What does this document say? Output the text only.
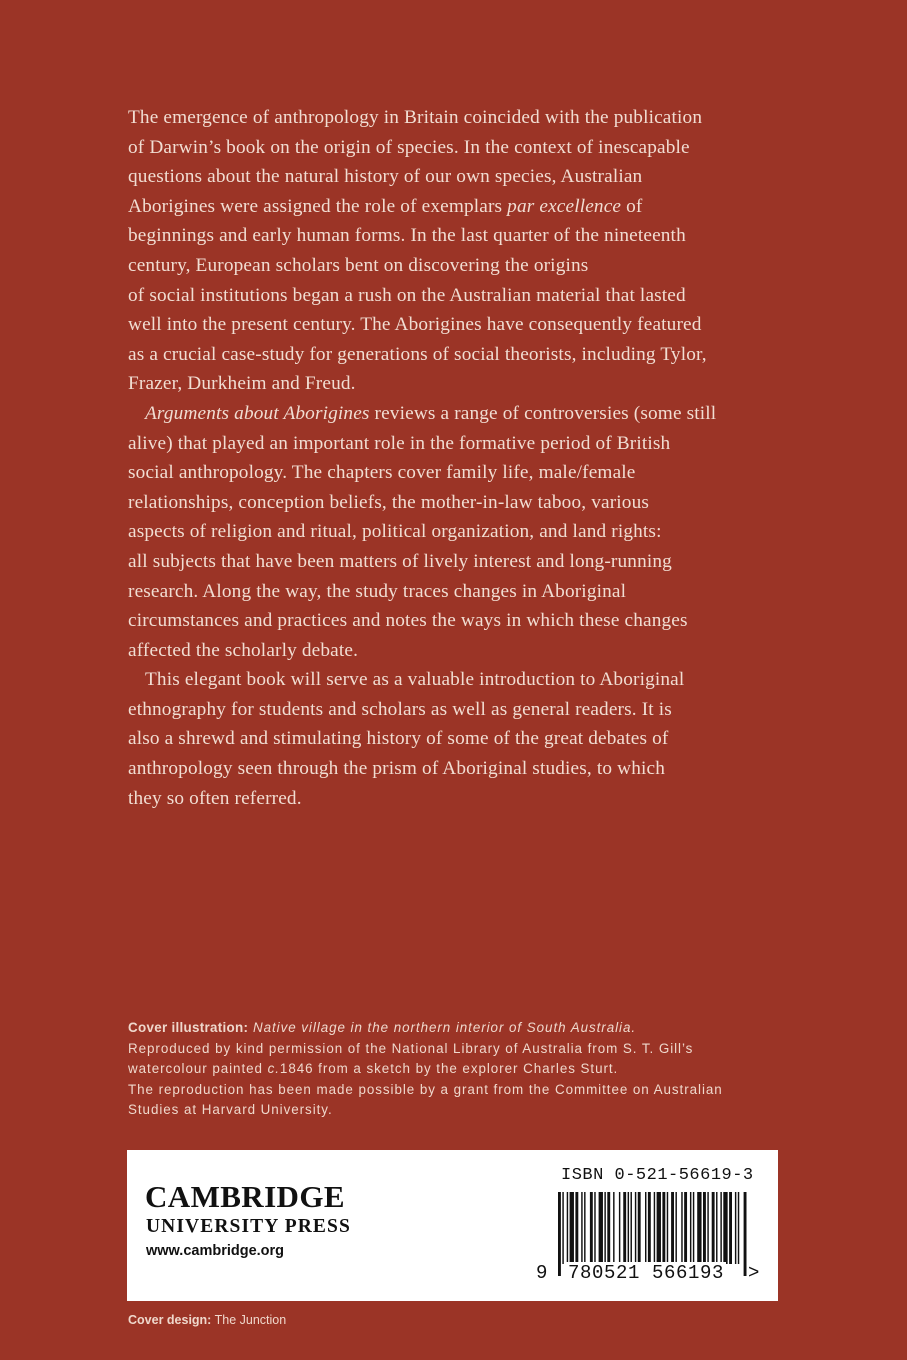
The emergence of anthropology in Britain coincided with the publication
of Darwin’s book on the origin of species. In the context of inescapable
questions about the natural history of our own species, Australian
Aborigines were assigned the role of exemplars par excellence of
beginnings and early human forms. In the last quarter of the nineteenth
century, European scholars bent on discovering the origins
of social institutions began a rush on the Australian material that lasted
well into the present century. The Aborigines have consequently featured
as a crucial case-study for generations of social theorists, including Tylor,
Frazer, Durkheim and Freud.
Arguments about Aborigines reviews a range of controversies (some still
alive) that played an important role in the formative period of British
social anthropology. The chapters cover family life, male/female
relationships, conception beliefs, the mother-in-law taboo, various
aspects of religion and ritual, political organization, and land rights:
all subjects that have been matters of lively interest and long-running
research. Along the way, the study traces changes in Aboriginal
circumstances and practices and notes the ways in which these changes
affected the scholarly debate.
This elegant book will serve as a valuable introduction to Aboriginal
ethnography for students and scholars as well as general readers. It is
also a shrewd and stimulating history of some of the great debates of
anthropology seen through the prism of Aboriginal studies, to which
they so often referred.
Cover illustration: Native village in the northern interior of South Australia.
Reproduced by kind permission of the National Library of Australia from S. T. Gill’s
watercolour painted c.1846 from a sketch by the explorer Charles Sturt.
The reproduction has been made possible by a grant from the Committee on Australian
Studies at Harvard University.
CAMBRIDGE
UNIVERSITY PRESS
www.cambridge.org
ISBN 0-521-56619-3
9 780521 566193 >
Cover design: The Junction
